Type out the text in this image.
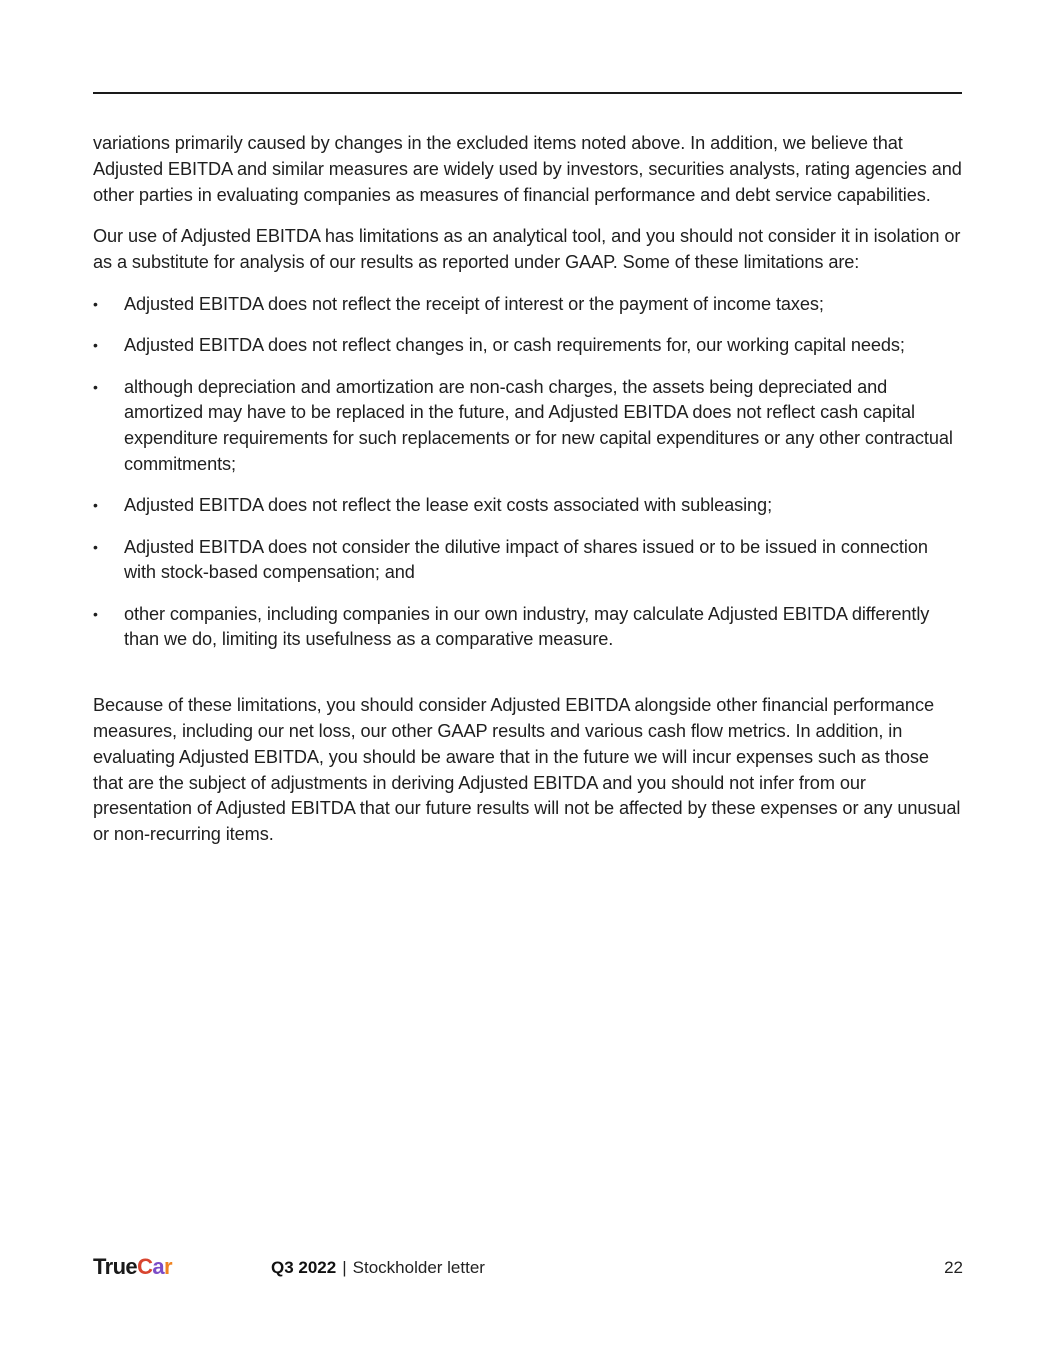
variations primarily caused by changes in the excluded items noted above. In addition, we believe that Adjusted EBITDA and similar measures are widely used by investors, securities analysts, rating agencies and other parties in evaluating companies as measures of financial performance and debt service capabilities.

Our use of Adjusted EBITDA has limitations as an analytical tool, and you should not consider it in isolation or as a substitute for analysis of our results as reported under GAAP. Some of these limitations are:

• Adjusted EBITDA does not reflect the receipt of interest or the payment of income taxes;
• Adjusted EBITDA does not reflect changes in, or cash requirements for, our working capital needs;
• although depreciation and amortization are non-cash charges, the assets being depreciated and amortized may have to be replaced in the future, and Adjusted EBITDA does not reflect cash capital expenditure requirements for such replacements or for new capital expenditures or any other contractual commitments;
• Adjusted EBITDA does not reflect the lease exit costs associated with subleasing;
• Adjusted EBITDA does not consider the dilutive impact of shares issued or to be issued in connection with stock-based compensation; and
• other companies, including companies in our own industry, may calculate Adjusted EBITDA differently than we do, limiting its usefulness as a comparative measure.

Because of these limitations, you should consider Adjusted EBITDA alongside other financial performance measures, including our net loss, our other GAAP results and various cash flow metrics. In addition, in evaluating Adjusted EBITDA, you should be aware that in the future we will incur expenses such as those that are the subject of adjustments in deriving Adjusted EBITDA and you should not infer from our presentation of Adjusted EBITDA that our future results will not be affected by these expenses or any unusual or non-recurring items.

TrueCar	Q3 2022 | Stockholder letter	22
